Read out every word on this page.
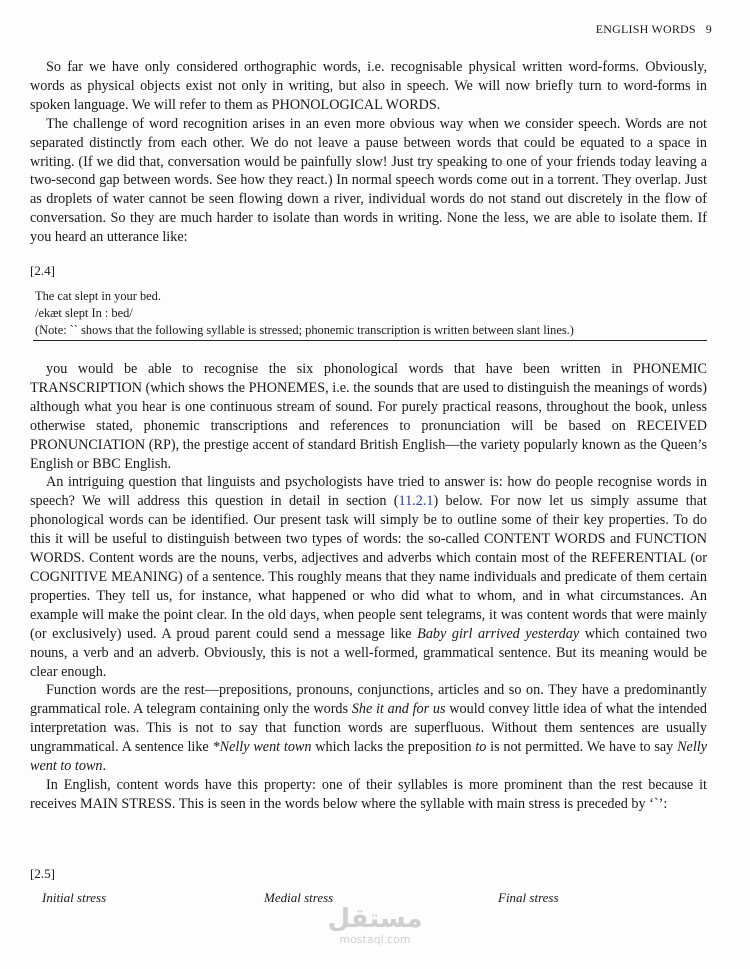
ENGLISH WORDS 9

So far we have only considered orthographic words, i.e. recognisable physical written word-forms. Obviously, words as physical objects exist not only in writing, but also in speech. We will now briefly turn to word-forms in spoken language. We will refer to them as PHONOLOGICAL WORDS.

The challenge of word recognition arises in an even more obvious way when we consider speech. Words are not separated distinctly from each other. We do not leave a pause between words that could be equated to a space in writing. (If we did that, conversation would be painfully slow! Just try speaking to one of your friends today leaving a two-second gap between words. See how they react.) In normal speech words come out in a torrent. They overlap. Just as droplets of water cannot be seen flowing down a river, individual words do not stand out discretely in the flow of conversation. So they are much harder to isolate than words in writing. None the less, we are able to isolate them. If you heard an utterance like:

[2.4]
The cat slept in your bed.
/ekæt slept In : bed/
(Note: `` shows that the following syllable is stressed; phonemic transcription is written between slant lines.)

you would be able to recognise the six phonological words that have been written in PHONEMIC TRANSCRIPTION (which shows the PHONEMES, i.e. the sounds that are used to distinguish the meanings of words) although what you hear is one continuous stream of sound. For purely practical reasons, throughout the book, unless otherwise stated, phonemic transcriptions and references to pronunciation will be based on RECEIVED PRONUNCIATION (RP), the prestige accent of standard British English—the variety popularly known as the Queen’s English or BBC English.

An intriguing question that linguists and psychologists have tried to answer is: how do people recognise words in speech? We will address this question in detail in section (11.2.1) below. For now let us simply assume that phonological words can be identified. Our present task will simply be to outline some of their key properties. To do this it will be useful to distinguish between two types of words: the so-called CONTENT WORDS and FUNCTION WORDS. Content words are the nouns, verbs, adjectives and adverbs which contain most of the REFERENTIAL (or COGNITIVE MEANING) of a sentence. This roughly means that they name individuals and predicate of them certain properties. They tell us, for instance, what happened or who did what to whom, and in what circumstances. An example will make the point clear. In the old days, when people sent telegrams, it was content words that were mainly (or exclusively) used. A proud parent could send a message like Baby girl arrived yesterday which contained two nouns, a verb and an adverb. Obviously, this is not a well-formed, grammatical sentence. But its meaning would be clear enough.

Function words are the rest—prepositions, pronouns, conjunctions, articles and so on. They have a predominantly grammatical role. A telegram containing only the words She it and for us would convey little idea of what the intended interpretation was. This is not to say that function words are superfluous. Without them sentences are usually ungrammatical. A sentence like *Nelly went town which lacks the preposition to is not permitted. We have to say Nelly went to town.

In English, content words have this property: one of their syllables is more prominent than the rest because it receives MAIN STRESS. This is seen in the words below where the syllable with main stress is preceded by ‘`’:

[2.5]
Initial stress	Medial stress	Final stress
مستقل
mostaql.com
